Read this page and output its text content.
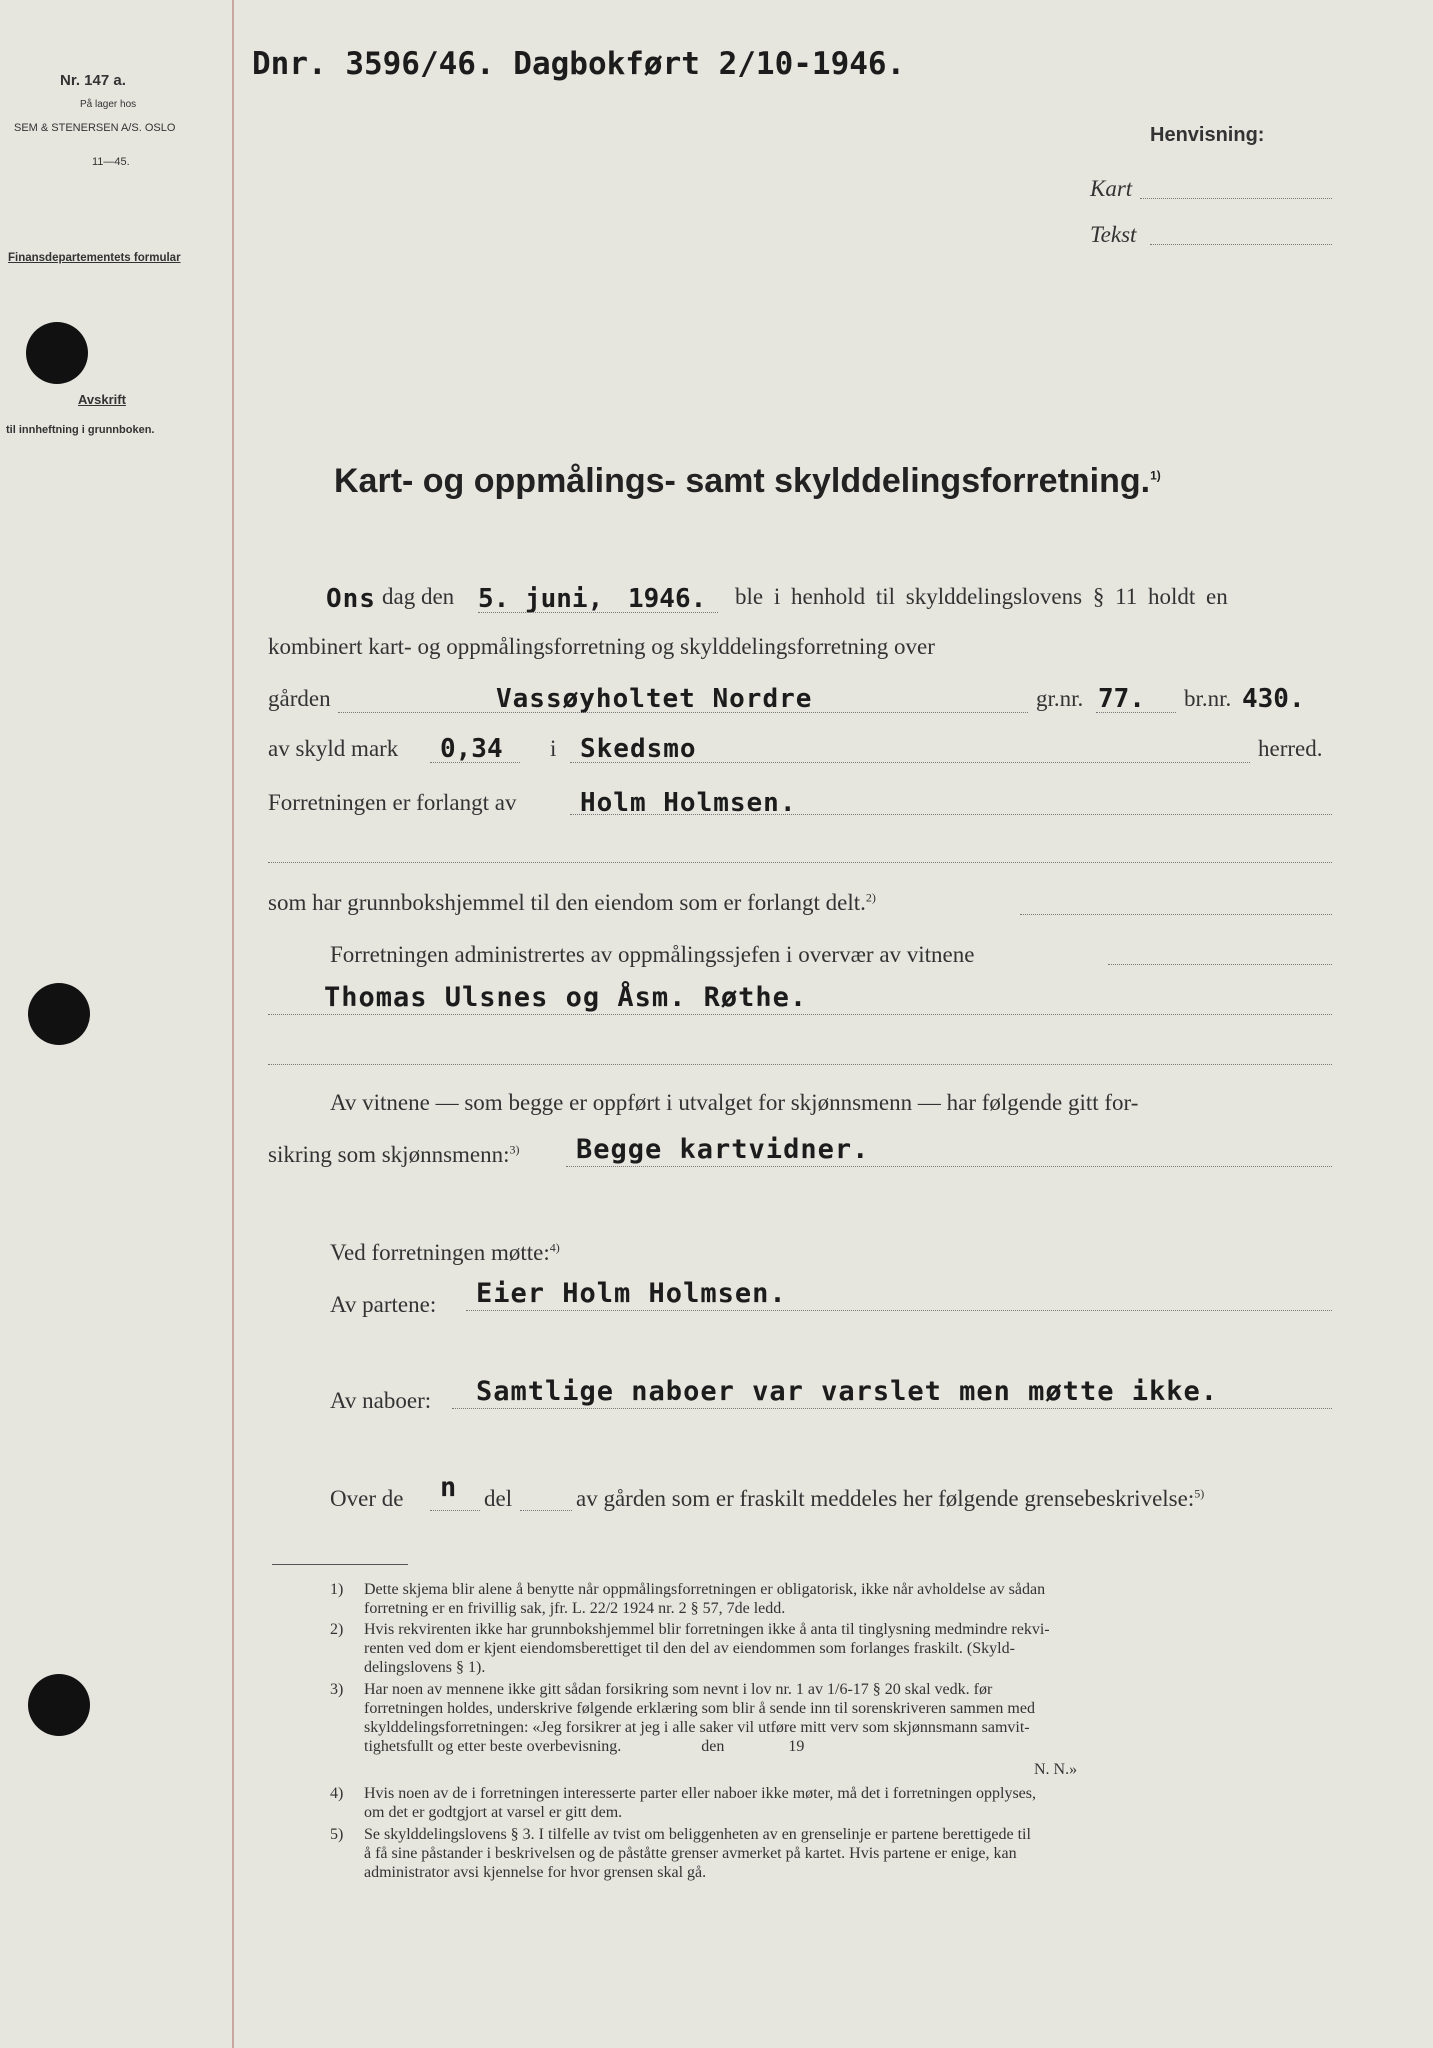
Nr. 147 a.
På lager hos
SEM & STENERSEN A/S. OSLO
11—45.
Finansdepartementets formular
Avskrift
til innheftning i grunnboken.
Dnr. 3596/46. Dagbokført 2/10-1946.
Henvisning:
Kart
Tekst
Kart- og oppmålings- samt skylddelingsforretning.$^{1)}$
Ons dag den 5. juni, 1946. ble i henhold til skylddelingslovens § 11 holdt en
kombinert kart- og oppmålingsforretning og skylddelingsforretning over
gården	Vassøyholtet Nordre	gr.nr. 77. br.nr. 430.
av skyld mark 0,34 i Skedsmo	herred.
Forretningen er forlangt av Holm Holmsen.
som har grunnbokshjemmel til den eiendom som er forlangt delt.$^{2)}$
Forretningen administrertes av oppmålingssjefen i overvær av vitnene
Thomas Ulsnes og Åsm. Røthe.
Av vitnene — som begge er oppført i utvalget for skjønnsmenn — har følgende gitt for-
sikring som skjønnsmenn:$^{3)}$ Begge kartvidner.
Ved forretningen møtte:$^{4)}$
Av partene: Eier Holm Holmsen.
Av naboer: Samtlige naboer var varslet men møtte ikke.
Over de n del	av gården som er fraskilt meddeles her følgende grensebeskrivelse:$^{5)}$
1) Dette skjema blir alene å benytte når oppmålingsforretningen er obligatorisk, ikke når avholdelse av sådan
forretning er en frivillig sak, jfr. L. 22/2 1924 nr. 2 § 57, 7de ledd.
2) Hvis rekvirenten ikke har grunnbokshjemmel blir forretningen ikke å anta til tinglysning medmindre rekvi-
renten ved dom er kjent eiendomsberettiget til den del av eiendommen som forlanges fraskilt. (Skyld-
delingslovens § 1).
3) Har noen av mennene ikke gitt sådan forsikring som nevnt i lov nr. 1 av 1/6-17 § 20 skal vedk. før
forretningen holdes, underskrive følgende erklæring som blir å sende inn til sorenskriveren sammen med
skylddelingsforretningen: «Jeg forsikrer at jeg i alle saker vil utføre mitt verv som skjønnsmann samvit-
tighetsfullt og etter beste overbevisning.                    den                19
N. N.»
4) Hvis noen av de i forretningen interesserte parter eller naboer ikke møter, må det i forretningen opplyses,
om det er godtgjort at varsel er gitt dem.
5) Se skylddelingslovens § 3. I tilfelle av tvist om beliggenheten av en grenselinje er partene berettigede til
å få sine påstander i beskrivelsen og de påståtte grenser avmerket på kartet. Hvis partene er enige, kan
administrator avsi kjennelse for hvor grensen skal gå.
